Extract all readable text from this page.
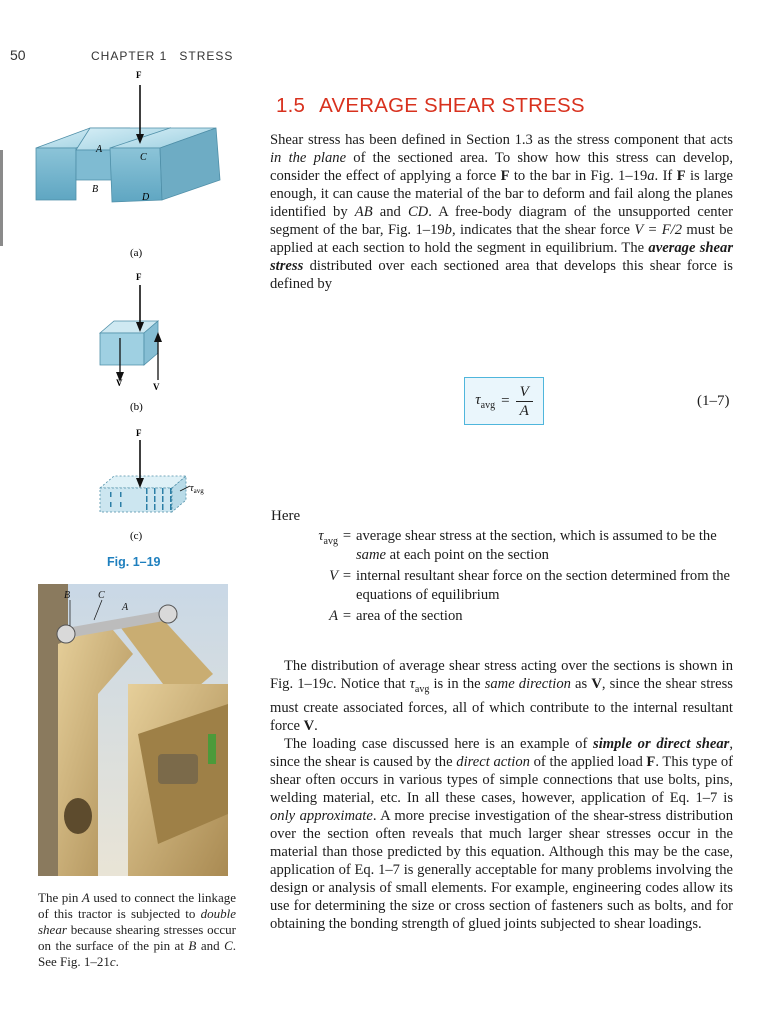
50	CHAPTER 1 STRESS
1.5 AVERAGE SHEAR STRESS

Shear stress has been defined in Section 1.3 as the stress component that acts in the plane of the sectioned area. To show how this stress can develop, consider the effect of applying a force F to the bar in Fig. 1–19a. If F is large enough, it can cause the material of the bar to deform and fail along the planes identified by AB and CD. A free-body diagram of the unsupported center segment of the bar, Fig. 1–19b, indicates that the shear force V = F/2 must be applied at each section to hold the segment in equilibrium. The average shear stress distributed over each sectioned area that develops this shear force is defined by

$\tau_{avg} = \frac{V}{A}$	(1–7)
Here
$\tau_{avg}$ = average shear stress at the section, which is assumed to be the same at each point on the section
V = internal resultant shear force on the section determined from the equations of equilibrium
A = area of the section

The distribution of average shear stress acting over the sections is shown in Fig. 1–19c. Notice that $\tau_{avg}$ is in the same direction as V, since the shear stress must create associated forces, all of which contribute to the internal resultant force V.

The loading case discussed here is an example of simple or direct shear, since the shear is caused by the direct action of the applied load F. This type of shear often occurs in various types of simple connections that use bolts, pins, welding material, etc. In all these cases, however, application of Eq. 1–7 is only approximate. A more precise investigation of the shear-stress distribution over the section often reveals that much larger shear stresses occur in the material than those predicted by this equation. Although this may be the case, application of Eq. 1–7 is generally acceptable for many problems involving the design or analysis of small elements. For example, engineering codes allow its use for determining the size or cross section of fasteners such as bolts, and for obtaining the bonding strength of glued joints subjected to shear loadings.

F
A
C
B
D
(a)
F
V	V
(b)
F
$\tau_{avg}$
(c)
Fig. 1–19
B	C
A
The pin A used to connect the linkage of this tractor is subjected to double shear because shearing stresses occur on the surface of the pin at B and C. See Fig. 1–21c.
